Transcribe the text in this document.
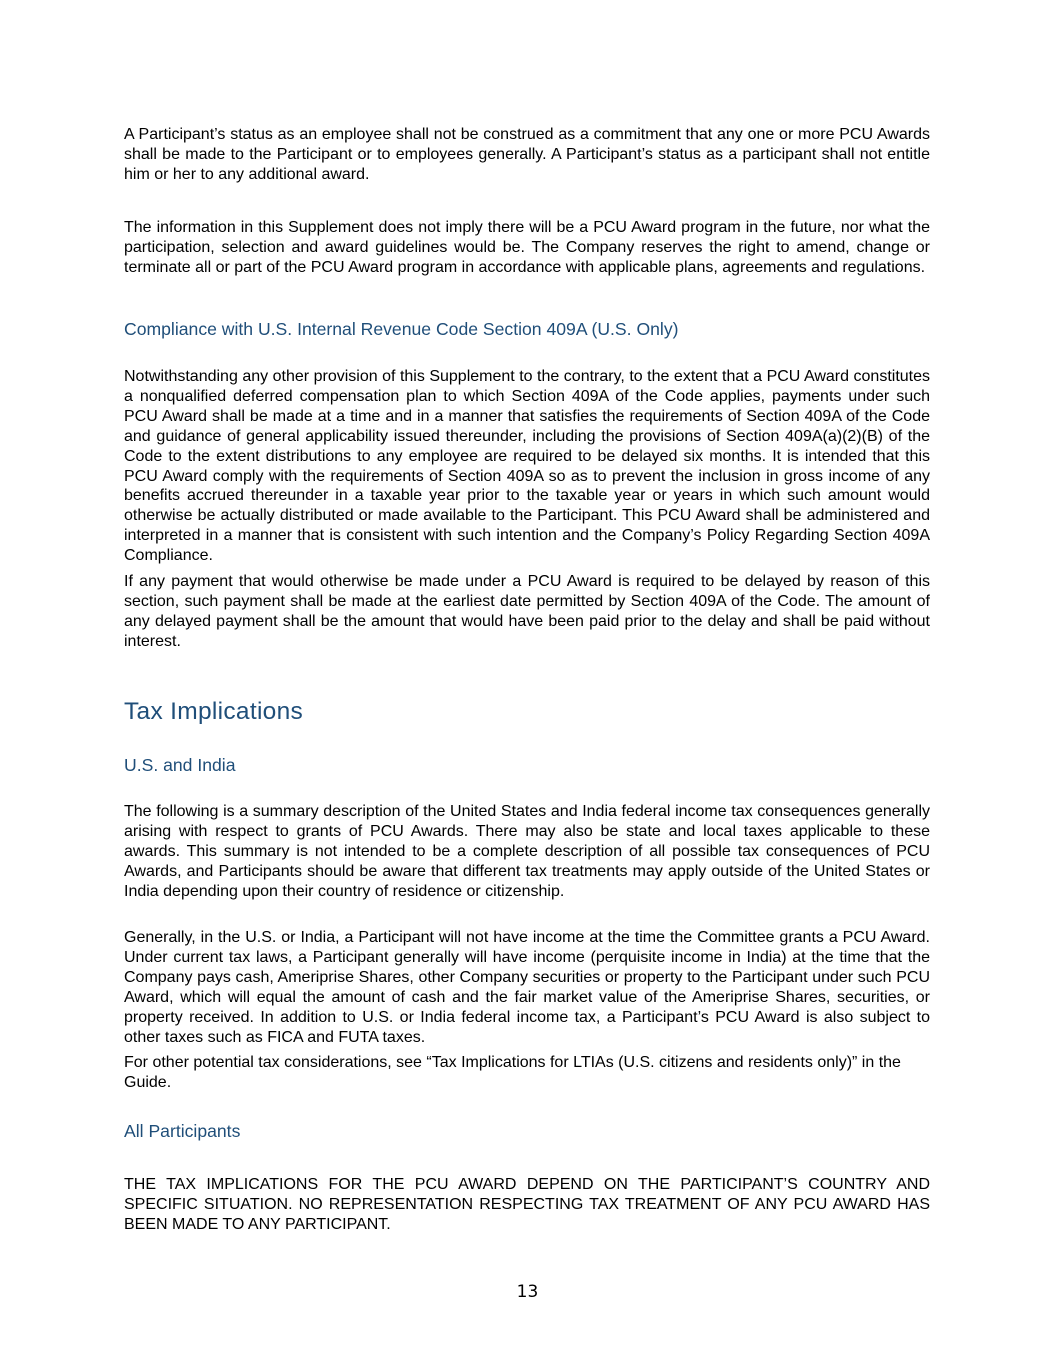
A Participant’s status as an employee shall not be construed as a commitment that any one or more PCU Awards shall be made to the Participant or to employees generally. A Participant’s status as a participant shall not entitle him or her to any additional award.

The information in this Supplement does not imply there will be a PCU Award program in the future, nor what the participation, selection and award guidelines would be. The Company reserves the right to amend, change or terminate all or part of the PCU Award program in accordance with applicable plans, agreements and regulations.

Compliance with U.S. Internal Revenue Code Section 409A (U.S. Only)

Notwithstanding any other provision of this Supplement to the contrary, to the extent that a PCU Award constitutes a nonqualified deferred compensation plan to which Section 409A of the Code applies, payments under such PCU Award shall be made at a time and in a manner that satisfies the requirements of Section 409A of the Code and guidance of general applicability issued thereunder, including the provisions of Section 409A(a)(2)(B) of the Code to the extent distributions to any employee are required to be delayed six months. It is intended that this PCU Award comply with the requirements of Section 409A so as to prevent the inclusion in gross income of any benefits accrued thereunder in a taxable year prior to the taxable year or years in which such amount would otherwise be actually distributed or made available to the Participant. This PCU Award shall be administered and interpreted in a manner that is consistent with such intention and the Company’s Policy Regarding Section 409A Compliance.

If any payment that would otherwise be made under a PCU Award is required to be delayed by reason of this section, such payment shall be made at the earliest date permitted by Section 409A of the Code. The amount of any delayed payment shall be the amount that would have been paid prior to the delay and shall be paid without interest.

Tax Implications
U.S. and India

The following is a summary description of the United States and India federal income tax consequences generally arising with respect to grants of PCU Awards. There may also be state and local taxes applicable to these awards. This summary is not intended to be a complete description of all possible tax consequences of PCU Awards, and Participants should be aware that different tax treatments may apply outside of the United States or India depending upon their country of residence or citizenship.

Generally, in the U.S. or India, a Participant will not have income at the time the Committee grants a PCU Award. Under current tax laws, a Participant generally will have income (perquisite income in India) at the time that the Company pays cash, Ameriprise Shares, other Company securities or property to the Participant under such PCU Award, which will equal the amount of cash and the fair market value of the Ameriprise Shares, securities, or property received. In addition to U.S. or India federal income tax, a Participant’s PCU Award is also subject to other taxes such as FICA and FUTA taxes.

For other potential tax considerations, see “Tax Implications for LTIAs (U.S. citizens and residents only)” in the Guide.

All Participants

THE TAX IMPLICATIONS FOR THE PCU AWARD DEPEND ON THE PARTICIPANT’S COUNTRY AND SPECIFIC SITUATION. NO REPRESENTATION RESPECTING TAX TREATMENT OF ANY PCU AWARD HAS BEEN MADE TO ANY PARTICIPANT.

13
